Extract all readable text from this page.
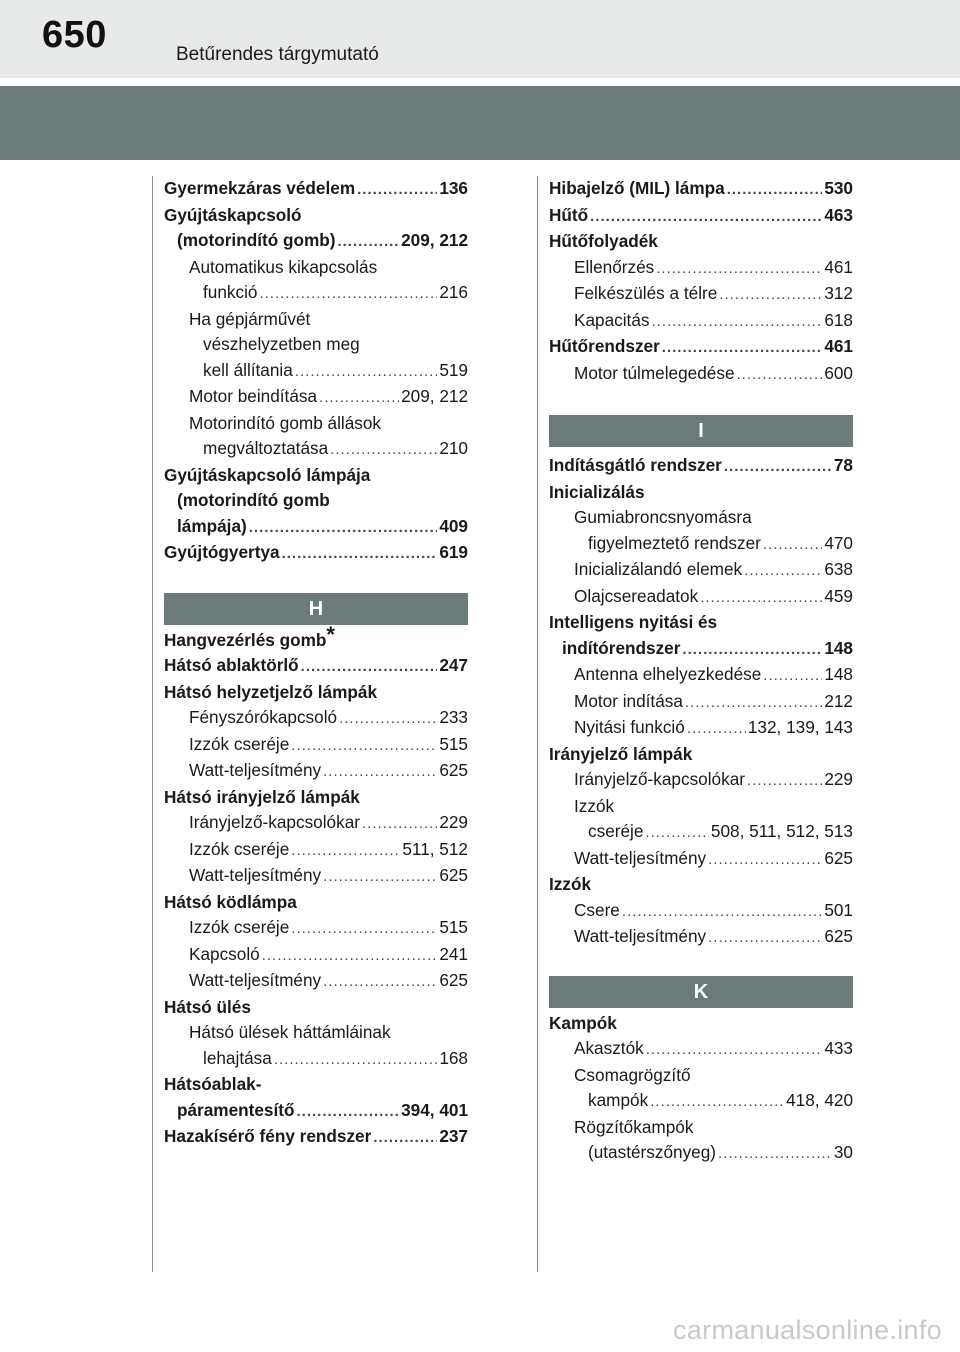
650	Betűrendes tárgymutató
Gyermekzáras védelem .....	136
Gyújtáskapcsoló
(motorindító gomb) .....	209, 212
Automatikus kikapcsolás
funkció .....	216
Ha gépjárművét
vészhelyzetben meg
kell állítania .....	519
Motor beindítása .....	209, 212
Motorindító gomb állások
megváltoztatása .....	210
Gyújtáskapcsoló lámpája
(motorindító gomb
lámpája) .....	409
Gyújtógyertya .....	619
H
Hangvezérlés gomb*
Hátsó ablaktörlő .....	247
Hátsó helyzetjelző lámpák
Fényszórókapcsoló .....	233
Izzók cseréje .....	515
Watt-teljesítmény .....	625
Hátsó irányjelző lámpák
Irányjelző-kapcsolókar .....	229
Izzók cseréje .....	511, 512
Watt-teljesítmény .....	625
Hátsó ködlámpa
Izzók cseréje .....	515
Kapcsoló .....	241
Watt-teljesítmény .....	625
Hátsó ülés
Hátsó ülések háttámláinak
lehajtása .....	168
Hátsóablak-
páramentesítő .....	394, 401
Hazakísérő fény rendszer .....	237
Hibajelző (MIL) lámpa .....	530
Hűtő .....	463
Hűtőfolyadék
Ellenőrzés .....	461
Felkészülés a télre .....	312
Kapacitás .....	618
Hűtőrendszer .....	461
Motor túlmelegedése .....	600
I
Indításgátló rendszer .....	78
Inicializálás
Gumiabroncsnyomásra
figyelmeztető rendszer .....	470
Inicializálandó elemek .....	638
Olajcsereadatok .....	459
Intelligens nyitási és
indítórendszer .....	148
Antenna elhelyezkedése .....	148
Motor indítása .....	212
Nyitási funkció .....	132, 139, 143
Irányjelző lámpák
Irányjelző-kapcsolókar .....	229
Izzók
cseréje .....	508, 511, 512, 513
Watt-teljesítmény .....	625
Izzók
Csere .....	501
Watt-teljesítmény .....	625
K
Kampók
Akasztók .....	433
Csomagrögzítő
kampók .....	418, 420
Rögzítőkampók
(utastérszőnyeg) .....	30
carmanualsonline.info
